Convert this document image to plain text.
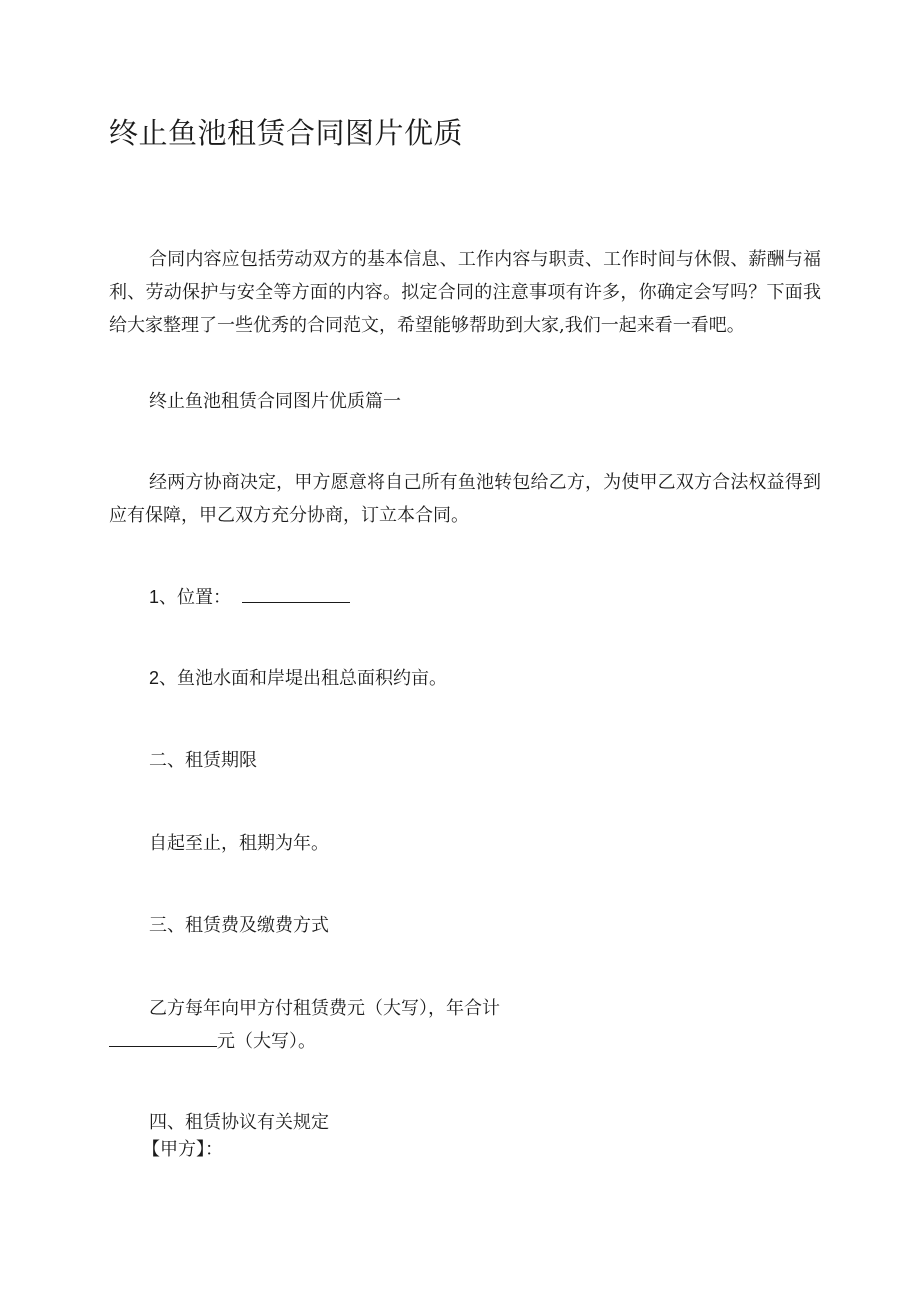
终止鱼池租赁合同图片优质

合同内容应包括劳动双方的基本信息、工作内容与职责、工作时间与休假、薪酬与福利、劳动保护与安全等方面的内容。拟定合同的注意事项有许多，你确定会写吗？下面我给大家整理了一些优秀的合同范文，希望能够帮助到大家,我们一起来看一看吧。

终止鱼池租赁合同图片优质篇一

经两方协商决定，甲方愿意将自己所有鱼池转包给乙方，为使甲乙双方合法权益得到应有保障，甲乙双方充分协商，订立本合同。

1、位置：

2、鱼池水面和岸堤出租总面积约亩。

二、租赁期限

自起至止，租期为年。

三、租赁费及缴费方式

乙方每年向甲方付租赁费元（大写），年合计

元（大写）。

四、租赁协议有关规定

【甲方】：
